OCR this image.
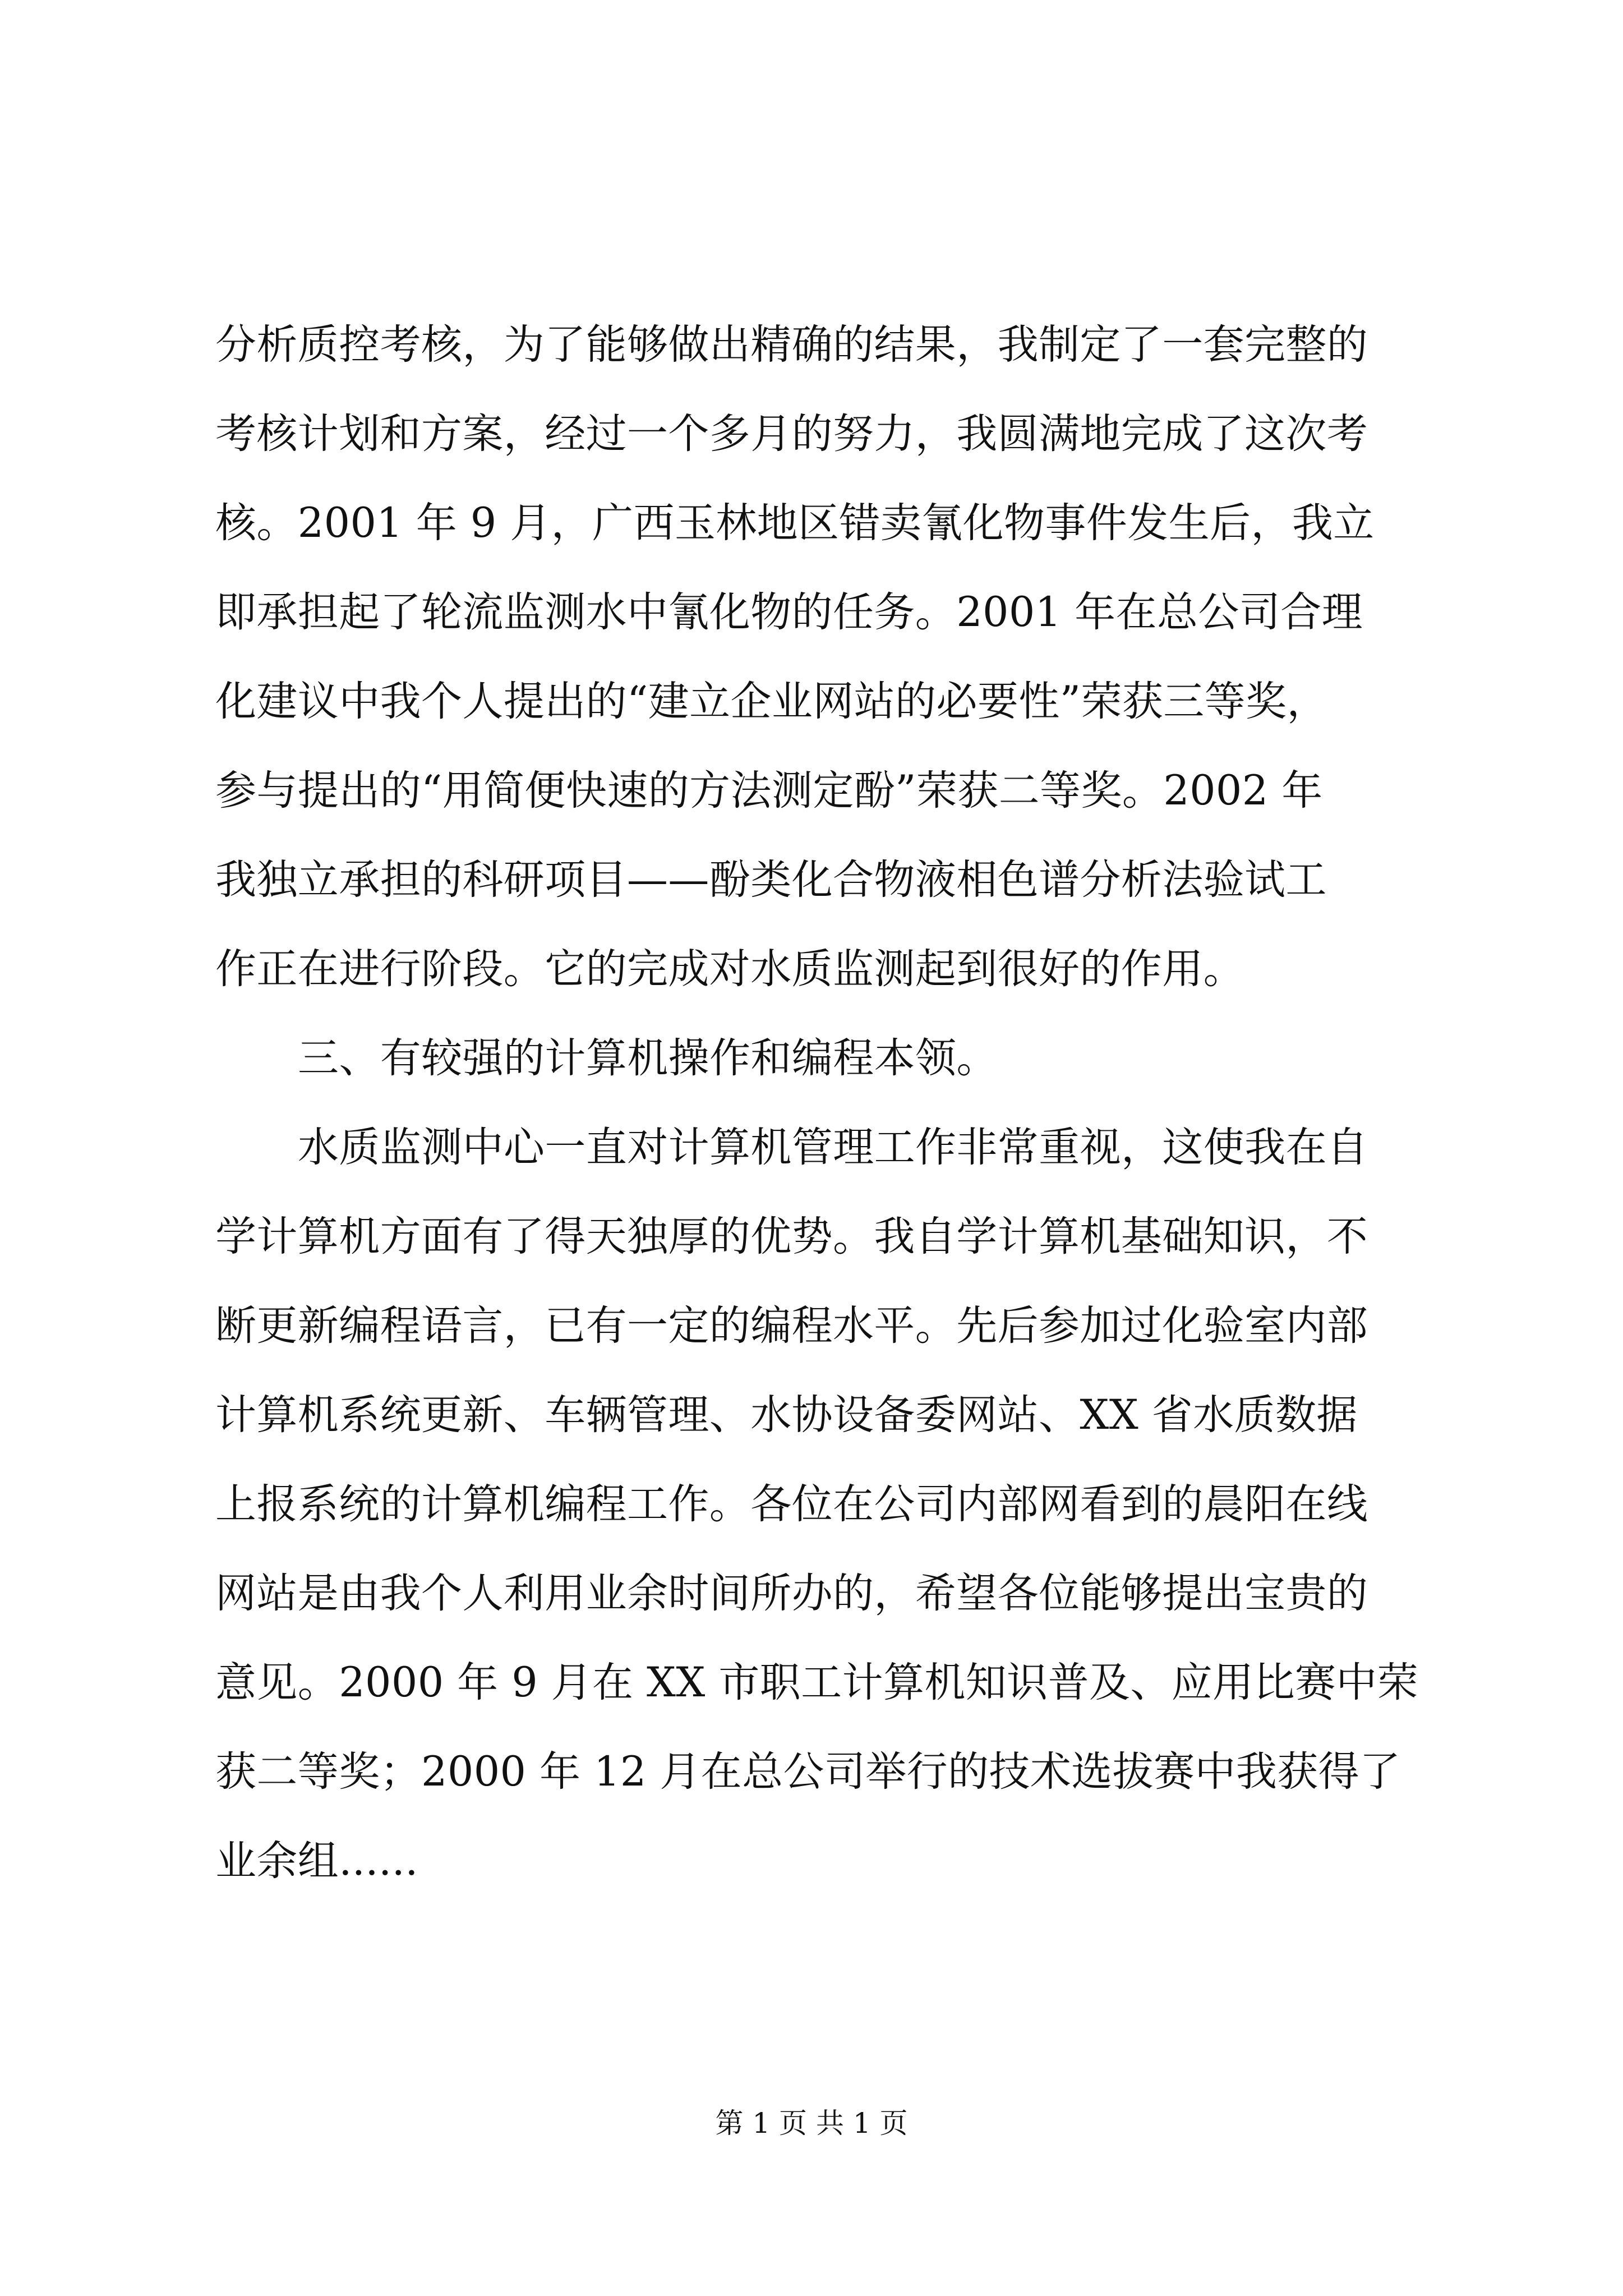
分析质控考核，为了能够做出精确的结果，我制定了一套完整的

考核计划和方案，经过一个多月的努力，我圆满地完成了这次考

核。2001 年 9 月，广西玉林地区错卖氰化物事件发生后，我立

即承担起了轮流监测水中氰化物的任务。2001 年在总公司合理

化建议中我个人提出的“建立企业网站的必要性”荣获三等奖，

参与提出的“用简便快速的方法测定酚”荣获二等奖。2002 年

我独立承担的科研项目——酚类化合物液相色谱分析法验试工

作正在进行阶段。它的完成对水质监测起到很好的作用。

三、有较强的计算机操作和编程本领。

水质监测中心一直对计算机管理工作非常重视，这使我在自

学计算机方面有了得天独厚的优势。我自学计算机基础知识，不

断更新编程语言，已有一定的编程水平。先后参加过化验室内部

计算机系统更新、车辆管理、水协设备委网站、XX 省水质数据

上报系统的计算机编程工作。各位在公司内部网看到的晨阳在线

网站是由我个人利用业余时间所办的，希望各位能够提出宝贵的

意见。2000 年 9 月在 XX 市职工计算机知识普及、应用比赛中荣

获二等奖；2000 年 12 月在总公司举行的技术选拔赛中我获得了

业余组......

第 1 页 共 1 页
